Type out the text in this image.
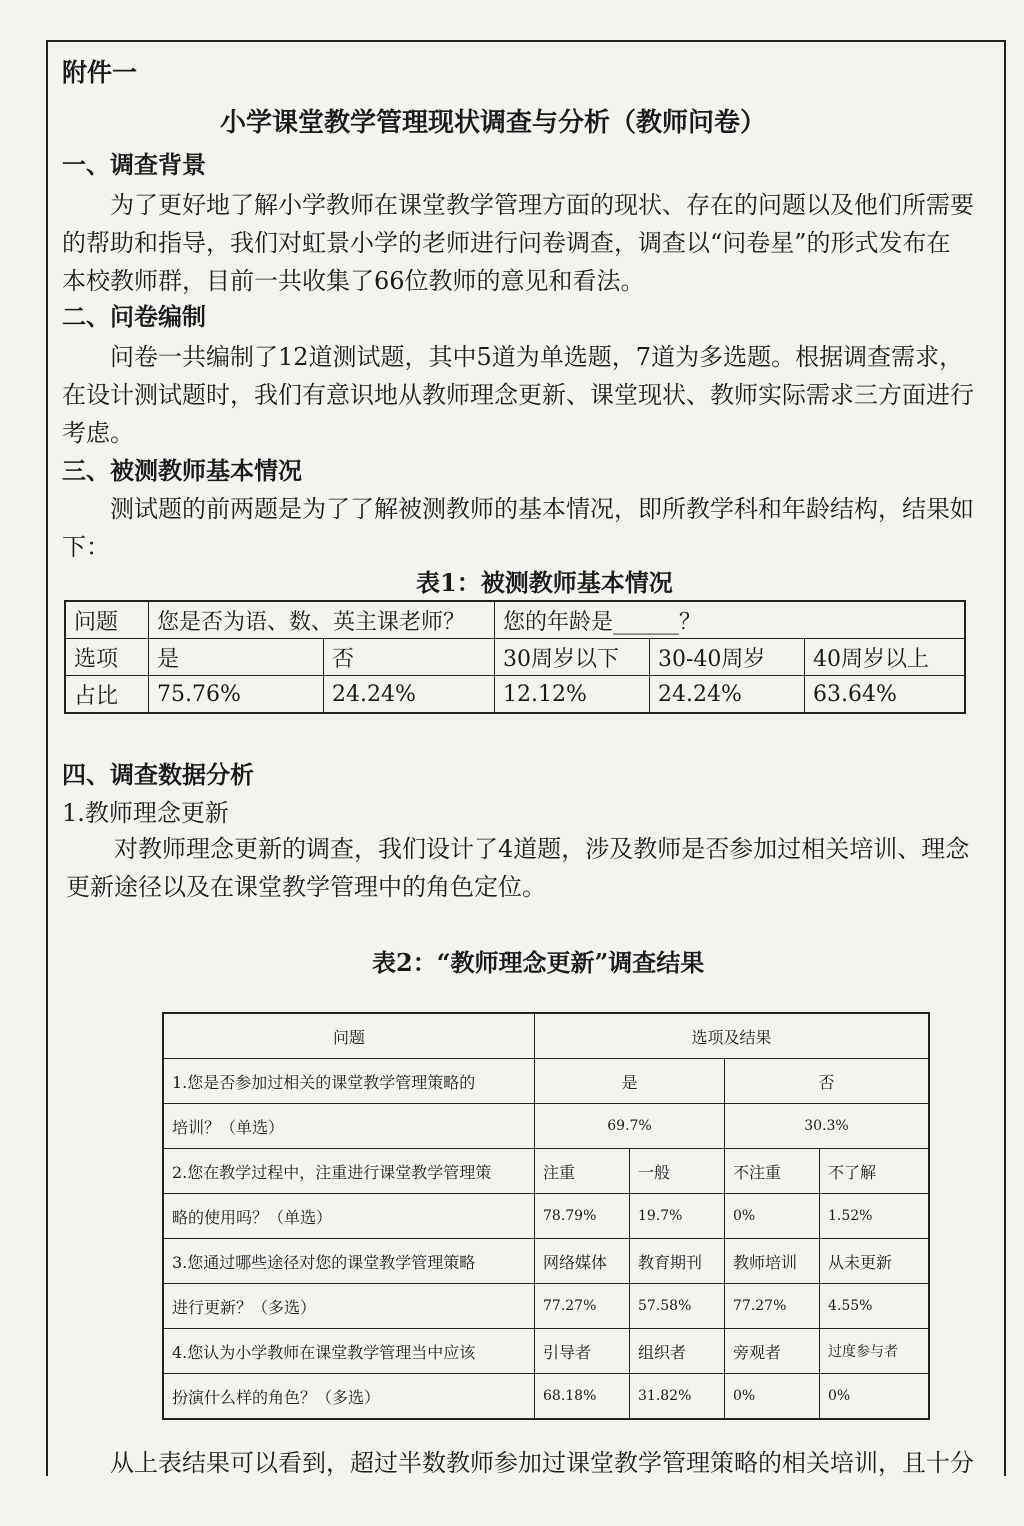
附件一
小学课堂教学管理现状调查与分析（教师问卷）
一、调查背景
为了更好地了解小学教师在课堂教学管理方面的现状、存在的问题以及他们所需要
的帮助和指导，我们对虹景小学的老师进行问卷调查，调查以“问卷星”的形式发布在
本校教师群，目前一共收集了66位教师的意见和看法。
二、问卷编制
问卷一共编制了12道测试题，其中5道为单选题，7道为多选题。根据调查需求，
在设计测试题时，我们有意识地从教师理念更新、课堂现状、教师实际需求三方面进行
考虑。
三、被测教师基本情况
测试题的前两题是为了了解被测教师的基本情况，即所教学科和年龄结构，结果如
下：
表1：被测教师基本情况
问题	您是否为语、数、英主课老师？		您的年龄是______？		
选项	是	否	30周岁以下	30-40周岁	40周岁以上
占比	75.76%	24.24%	12.12%	24.24%	63.64%
四、调查数据分析
1.教师理念更新
对教师理念更新的调查，我们设计了4道题，涉及教师是否参加过相关培训、理念
更新途径以及在课堂教学管理中的角色定位。
表2：“教师理念更新”调查结果
问题	选项及结果			
1.您是否参加过相关的课堂教学管理策略的	是		否	
培训？（单选）	69.7%		30.3%	
2.您在教学过程中，注重进行课堂教学管理策	注重	一般	不注重	不了解
略的使用吗？（单选）	78.79%	19.7%	0%	1.52%
3.您通过哪些途径对您的课堂教学管理策略	网络媒体	教育期刊	教师培训	从未更新
进行更新？（多选）	77.27%	57.58%	77.27%	4.55%
4.您认为小学教师在课堂教学管理当中应该	引导者	组织者	旁观者	过度参与者
扮演什么样的角色？（多选）	68.18%	31.82%	0%	0%
从上表结果可以看到，超过半数教师参加过课堂教学管理策略的相关培训，且十分
